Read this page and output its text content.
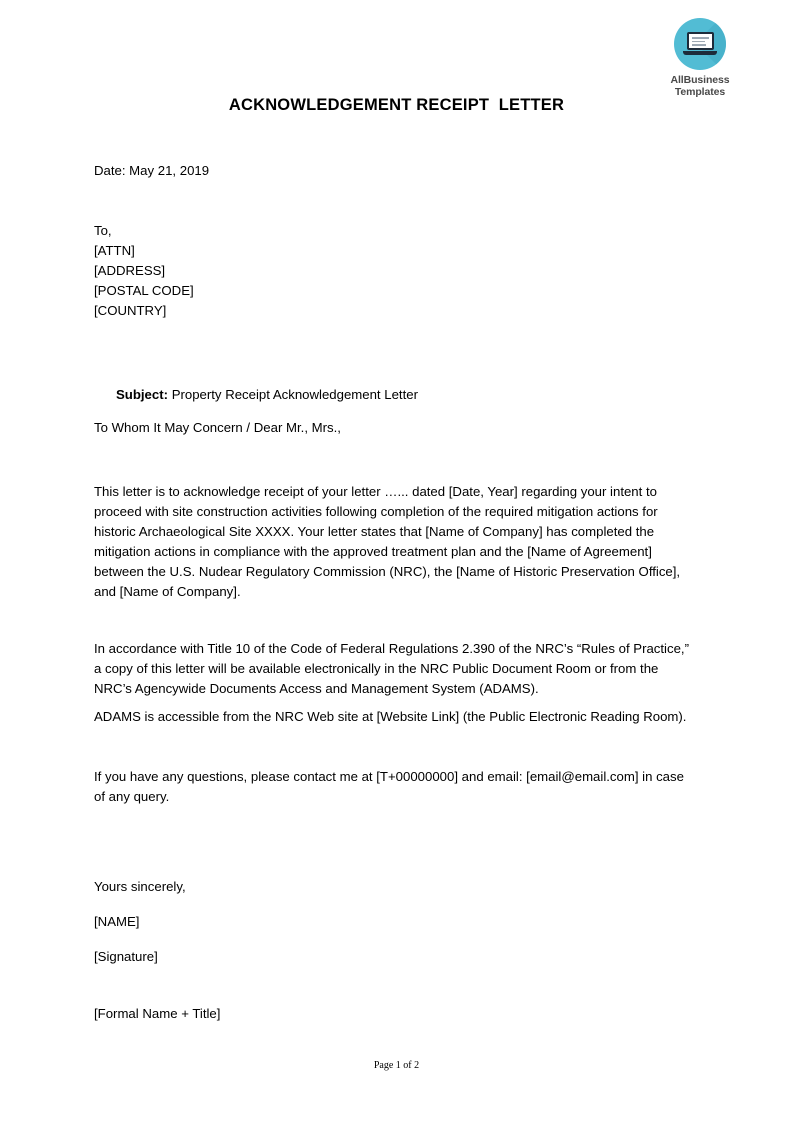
AllBusiness
Templates
ACKNOWLEDGEMENT RECEIPT  LETTER
Date: May 21, 2019
To,
[ATTN]
[ADDRESS]
[POSTAL CODE]
[COUNTRY]

Subject: Property Receipt Acknowledgement Letter

To Whom It May Concern / Dear Mr., Mrs.,
This letter is to acknowledge receipt of your letter …... dated [Date, Year] regarding your intent to proceed with site construction activities following completion of the required mitigation actions for historic Archaeological Site XXXX. Your letter states that [Name of Company] has completed the mitigation actions in compliance with the approved treatment plan and the [Name of Agreement] between the U.S. Nudear Regulatory Commission (NRC), the [Name of Historic Preservation Office], and [Name of Company].
In accordance with Title 10 of the Code of Federal Regulations 2.390 of the NRC’s “Rules of Practice,” a copy of this letter will be available electronically in the NRC Public Document Room or from the NRC’s Agencywide Documents Access and Management System (ADAMS).
ADAMS is accessible from the NRC Web site at [Website Link] (the Public Electronic Reading Room).
If you have any questions, please contact me at [T+00000000] and email: [email@email.com] in case of any query.
Yours sincerely,
[NAME]
[Signature]
[Formal Name + Title]
Page 1 of 2
